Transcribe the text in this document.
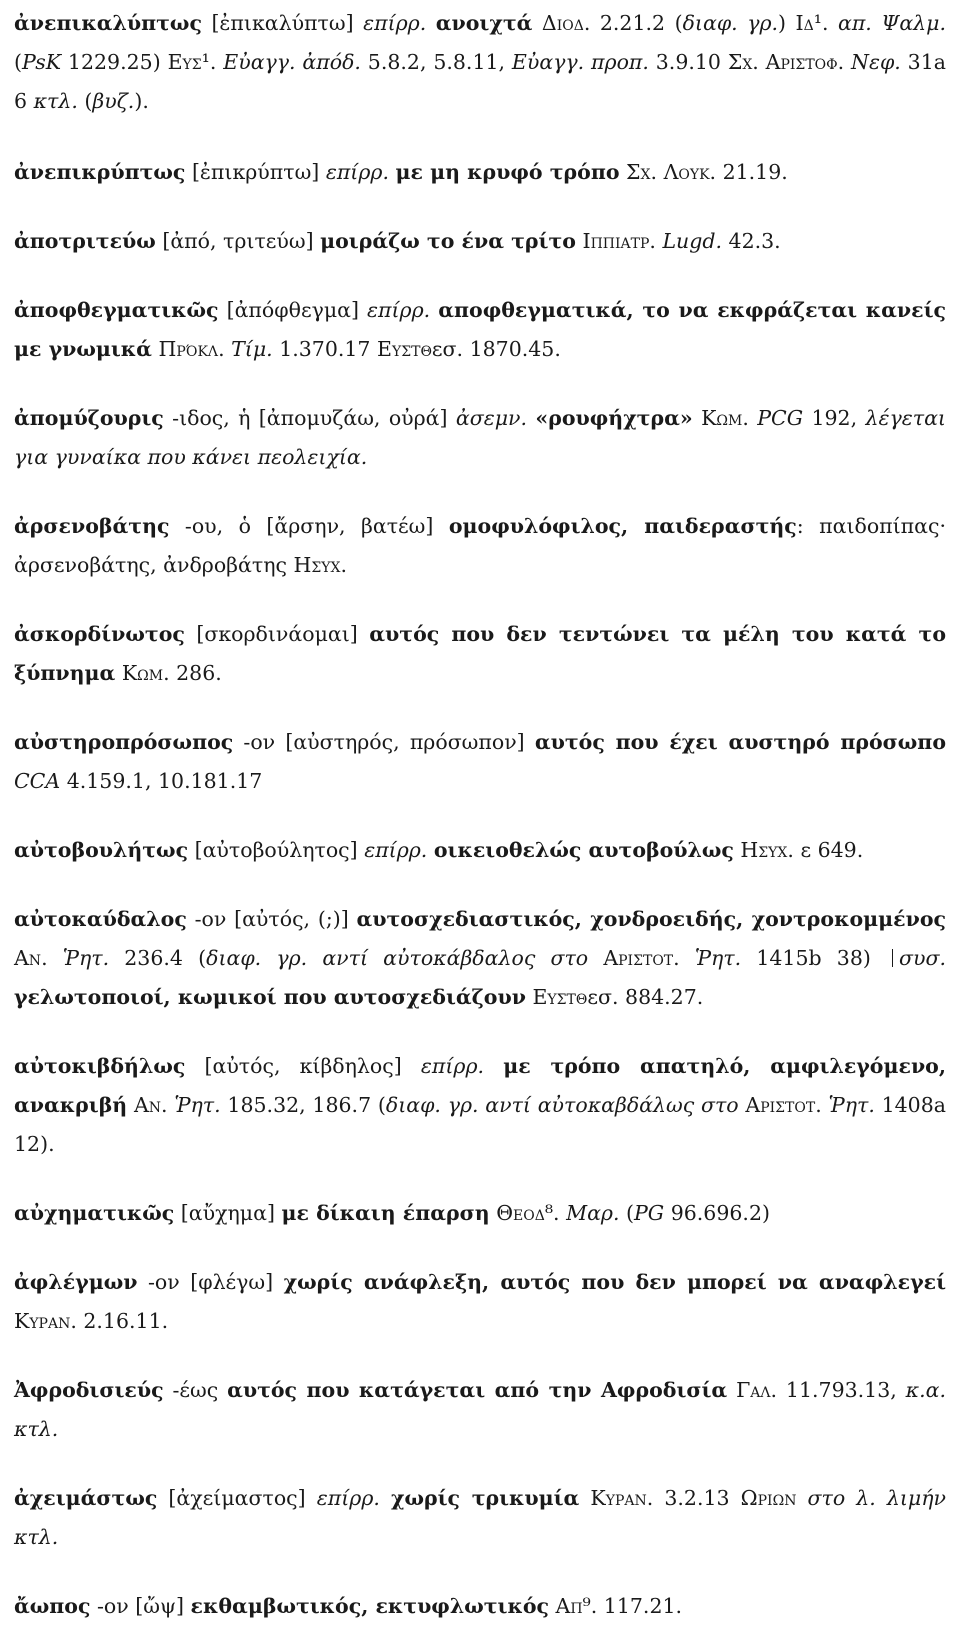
ἀνεπικαλύπτως [ἐπικαλύπτω] επίρρ. ανοιχτά Διοδ. 2.21.2 (διαφ. γρ.) Ιδ¹. απ. Ψαλμ. (PsK 1229.25) Ευσ¹. Εὐαγγ. ἀπόδ. 5.8.2, 5.8.11, Εὐαγγ. προπ. 3.9.10 Σχ. Αριστοφ. Νεφ. 31a 6 κτλ. (βυζ.).

ἀνεπικρύπτως [ἐπικρύπτω] επίρρ. με μη κρυφό τρόπο Σχ. Λουκ. 21.19.

ἀποτριτεύω [ἀπό, τριτεύω] μοιράζω το ένα τρίτο Ιππιατρ. Lugd. 42.3.

ἀποφθεγματικῶς [ἀπόφθεγμα] επίρρ. αποφθεγματικά, το να εκφράζεται κανείς με γνωμικά Πρόκλ. Τίμ. 1.370.17 Ευστθεσ. 1870.45.

ἀπομύζουρις -ιδος, ἡ [ἀπομυζάω, οὐρά] ἀσεμν. «ρουφήχτρα» Κωμ. PCG 192, λέγεται για γυναίκα που κάνει πεολειχία.

ἀρσενοβάτης -ου, ὁ [ἄρσην, βατέω] ομοφυλόφιλος, παιδεραστής: παιδοπίπας· ἀρσενοβάτης, ἀνδροβάτης Ησυχ.

ἀσκορδίνωτος [σκορδινάομαι] αυτός που δεν τεντώνει τα μέλη του κατά το ξύπνημα Κωμ. 286.

αὐστηροπρόσωπος -ον [αὐστηρός, πρόσωπον] αυτός που έχει αυστηρό πρόσωπο CCA 4.159.1, 10.181.17

αὐτοβουλήτως [αὐτοβούλητος] επίρρ. οικειοθελώς αυτοβούλως Ησυχ. ε 649.

αὐτοκαύδαλος -ον [αὐτός, (;)] αυτοσχεδιαστικός, χονδροειδής, χοντροκομμένος Αν. Ῥητ. 236.4 (διαφ. γρ. αντί αὐτοκάβδαλος στο Αριστοτ. Ῥητ. 1415b 38) συσ. γελωτοποιοί, κωμικοί που αυτοσχεδιάζουν Ευστθεσ. 884.27.

αὐτοκιβδήλως [αὐτός, κίβδηλος] επίρρ. με τρόπο απατηλό, αμφιλεγόμενο, ανακριβή Αν. Ῥητ. 185.32, 186.7 (διαφ. γρ. αντί αὐτοκαβδάλως στο Αριστοτ. Ῥητ. 1408a 12).

αὐχηματικῶς [αὔχημα] με δίκαιη έπαρση Θεοδ⁸. Μαρ. (PG 96.696.2)

ἀφλέγμων -ον [φλέγω] χωρίς ανάφλεξη, αυτός που δεν μπορεί να αναφλεγεί Κυραν. 2.16.11.

Ἀφροδισιεύς -έως αυτός που κατάγεται από την Αφροδισία Γαλ. 11.793.13, κ.α. κτλ.

ἀχειμάστως [ἀχείμαστος] επίρρ. χωρίς τρικυμία Κυραν. 3.2.13 Ωριων στο λ. λιμήν κτλ.

ἄωπος -ον [ὤψ] εκθαμβωτικός, εκτυφλωτικός Απ⁹. 117.21.
